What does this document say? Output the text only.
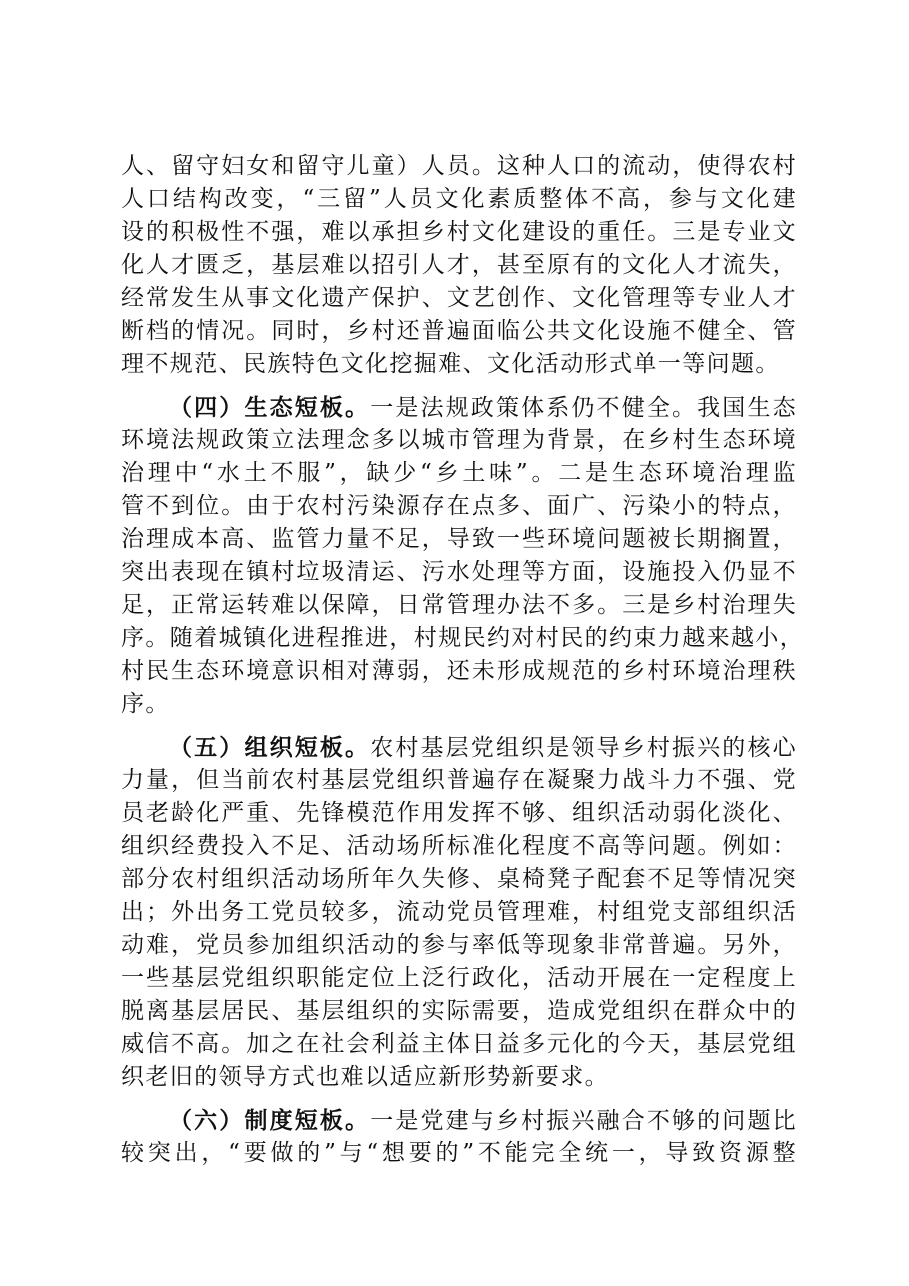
人、留守妇女和留守儿童）人员。这种人口的流动，使得农村
人口结构改变，“三留”人员文化素质整体不高，参与文化建
设的积极性不强，难以承担乡村文化建设的重任。三是专业文
化人才匮乏，基层难以招引人才，甚至原有的文化人才流失，
经常发生从事文化遗产保护、文艺创作、文化管理等专业人才
断档的情况。同时，乡村还普遍面临公共文化设施不健全、管
理不规范、民族特色文化挖掘难、文化活动形式单一等问题。
（四）生态短板。一是法规政策体系仍不健全。我国生态
环境法规政策立法理念多以城市管理为背景，在乡村生态环境
治理中“水土不服”，缺少“乡土味”。二是生态环境治理监
管不到位。由于农村污染源存在点多、面广、污染小的特点，
治理成本高、监管力量不足，导致一些环境问题被长期搁置，
突出表现在镇村垃圾清运、污水处理等方面，设施投入仍显不
足，正常运转难以保障，日常管理办法不多。三是乡村治理失
序。随着城镇化进程推进，村规民约对村民的约束力越来越小，
村民生态环境意识相对薄弱，还未形成规范的乡村环境治理秩
序。
（五）组织短板。农村基层党组织是领导乡村振兴的核心
力量，但当前农村基层党组织普遍存在凝聚力战斗力不强、党
员老龄化严重、先锋模范作用发挥不够、组织活动弱化淡化、
组织经费投入不足、活动场所标准化程度不高等问题。例如：
部分农村组织活动场所年久失修、桌椅凳子配套不足等情况突
出；外出务工党员较多，流动党员管理难，村组党支部组织活
动难，党员参加组织活动的参与率低等现象非常普遍。另外，
一些基层党组织职能定位上泛行政化，活动开展在一定程度上
脱离基层居民、基层组织的实际需要，造成党组织在群众中的
威信不高。加之在社会利益主体日益多元化的今天，基层党组
织老旧的领导方式也难以适应新形势新要求。
（六）制度短板。一是党建与乡村振兴融合不够的问题比
较突出，“要做的”与“想要的”不能完全统一，导致资源整
